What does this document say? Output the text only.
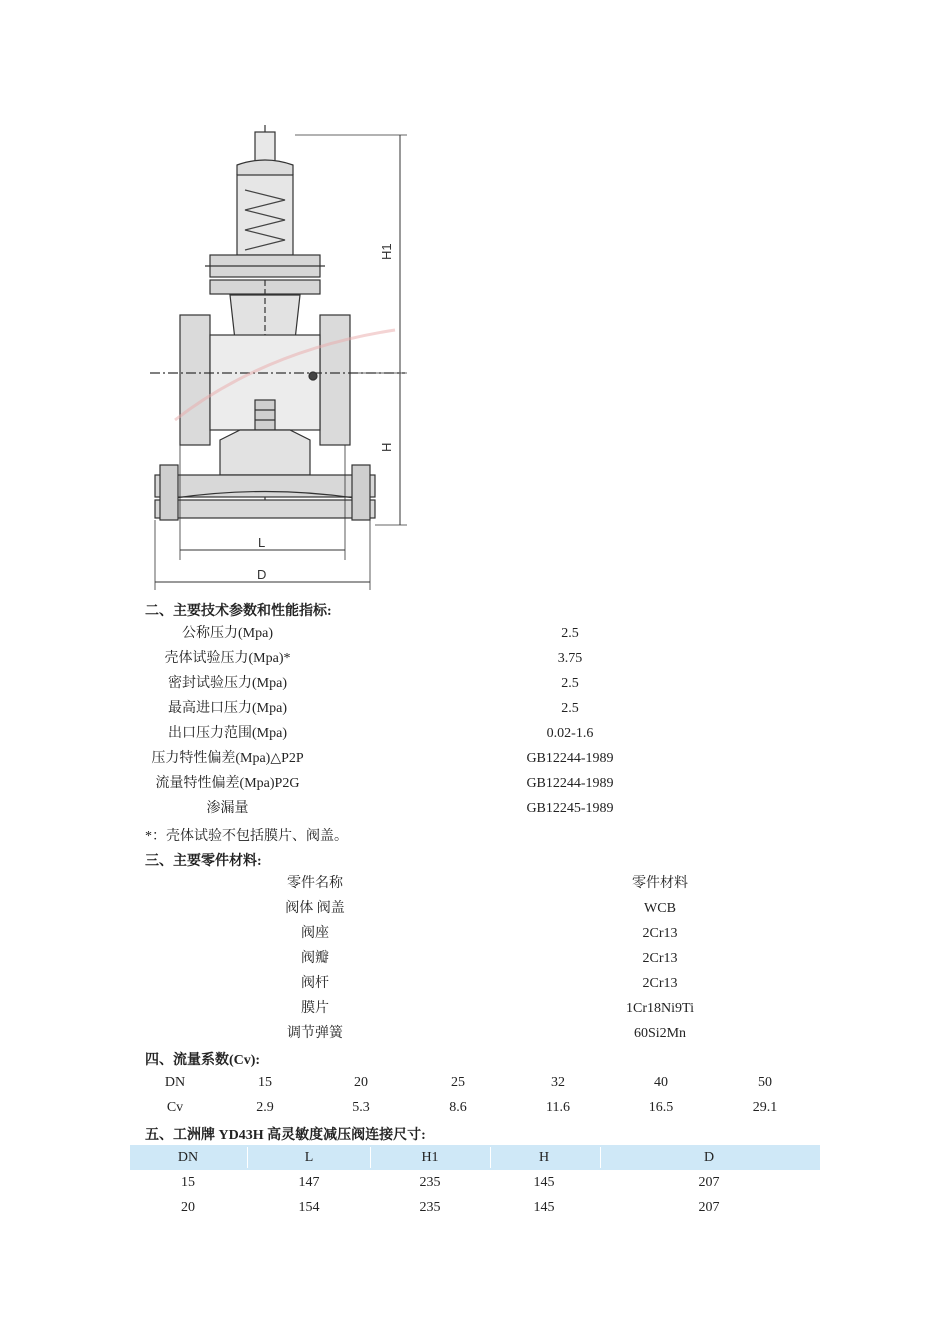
H1
H
L
D
二、主要技术参数和性能指标:
公称压力(Mpa)	2.5
壳体试验压力(Mpa)*	3.75
密封试验压力(Mpa)	2.5
最高进口压力(Mpa)	2.5
出口压力范围(Mpa)	0.02-1.6
压力特性偏差(Mpa)△P2P	GB12244-1989
流量特性偏差(Mpa)P2G	GB12244-1989
渗漏量	GB12245-1989
*：壳体试验不包括膜片、阀盖。
三、主要零件材料:
零件名称	零件材料
阀体 阀盖	WCB
阀座	2Cr13
阀瓣	2Cr13
阀杆	2Cr13
膜片	1Cr18Ni9Ti
调节弹簧	60Si2Mn
四、流量系数(Cv):
DN	15	20	25	32	40	50
Cv	2.9	5.3	8.6	11.6	16.5	29.1
五、工洲牌 YD43H 高灵敏度减压阀连接尺寸:
DN	L	H1	H	D
15	147	235	145	207
20	154	235	145	207
